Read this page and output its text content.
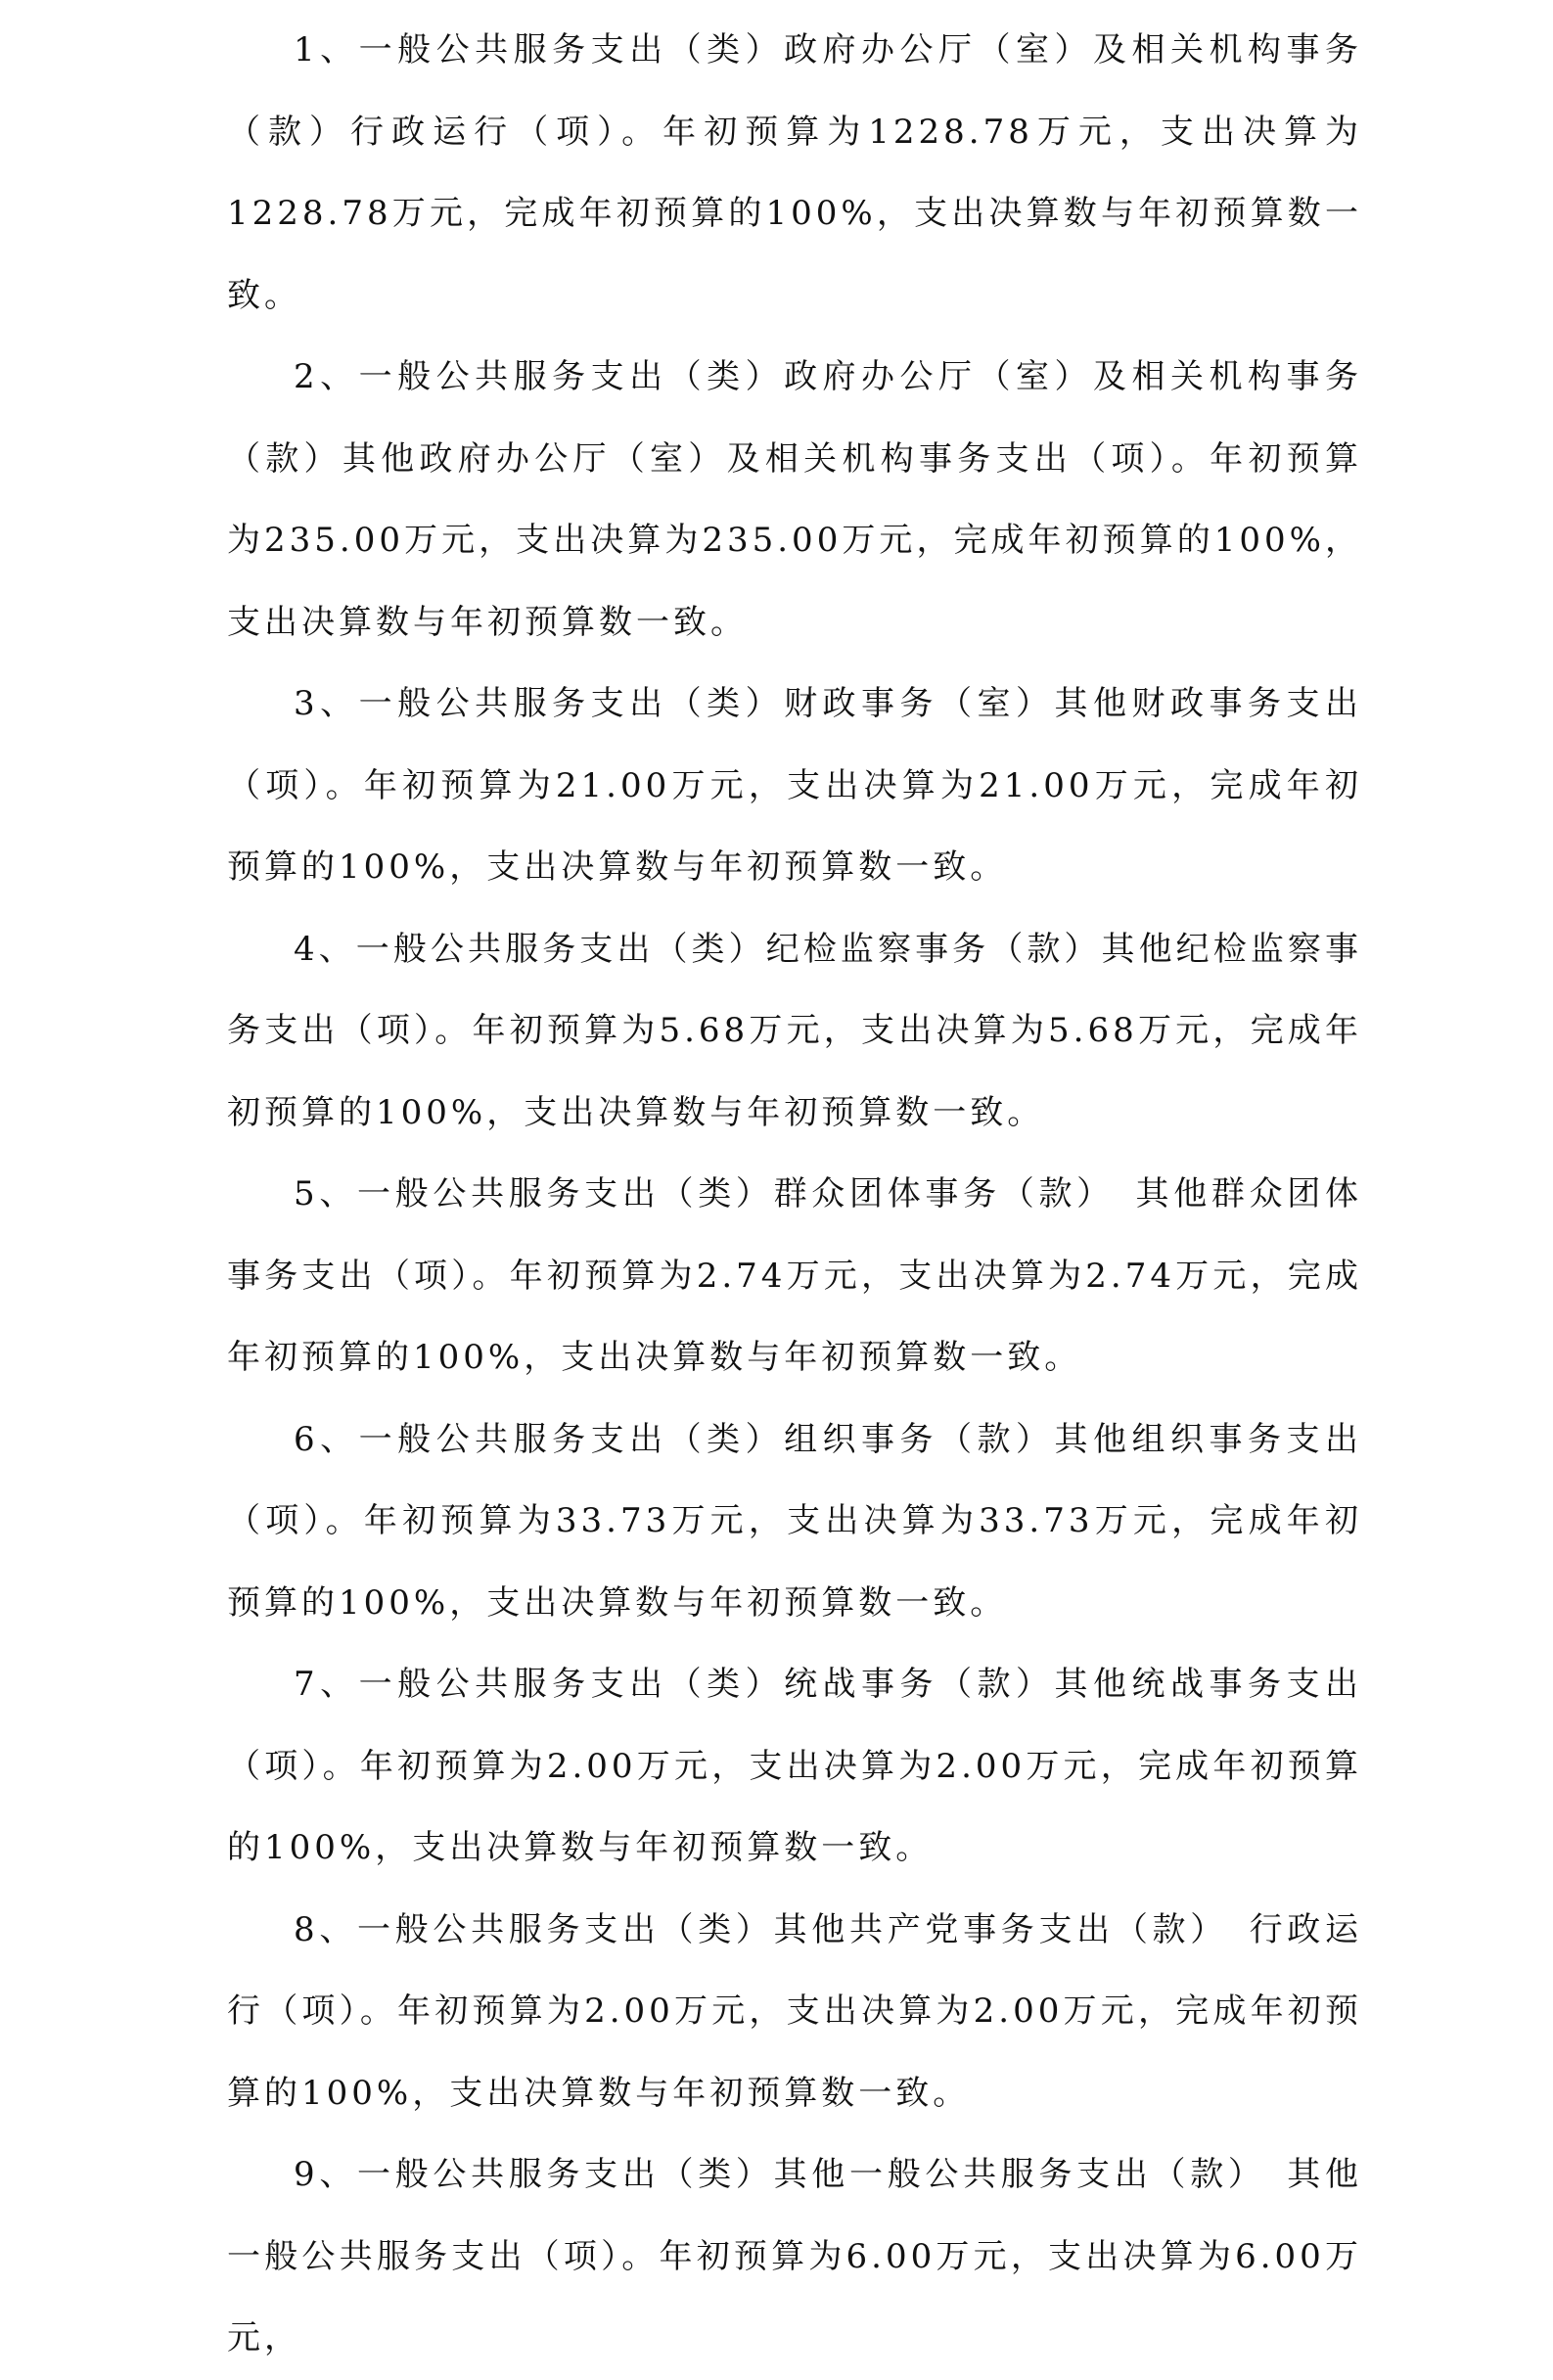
1、一般公共服务支出（类）政府办公厅（室）及相关机构事务（款）行政运行（项）。年初预算为1228.78万元，支出决算为1228.78万元，完成年初预算的100%，支出决算数与年初预算数一致。

2、一般公共服务支出（类）政府办公厅（室）及相关机构事务（款）其他政府办公厅（室）及相关机构事务支出（项）。年初预算为235.00万元，支出决算为235.00万元，完成年初预算的100%，支出决算数与年初预算数一致。

3、一般公共服务支出（类）财政事务（室）其他财政事务支出（项）。年初预算为21.00万元，支出决算为21.00万元，完成年初预算的100%，支出决算数与年初预算数一致。

4、一般公共服务支出（类）纪检监察事务（款）其他纪检监察事务支出（项）。年初预算为5.68万元，支出决算为5.68万元，完成年初预算的100%，支出决算数与年初预算数一致。

5、一般公共服务支出（类）群众团体事务（款）　其他群众团体事务支出（项）。年初预算为2.74万元，支出决算为2.74万元，完成年初预算的100%，支出决算数与年初预算数一致。

6、一般公共服务支出（类）组织事务（款）其他组织事务支出（项）。年初预算为33.73万元，支出决算为33.73万元，完成年初预算的100%，支出决算数与年初预算数一致。

7、一般公共服务支出（类）统战事务（款）其他统战事务支出（项）。年初预算为2.00万元，支出决算为2.00万元，完成年初预算的100%，支出决算数与年初预算数一致。

8、一般公共服务支出（类）其他共产党事务支出（款）　行政运行（项）。年初预算为2.00万元，支出决算为2.00万元，完成年初预算的100%，支出决算数与年初预算数一致。

9、一般公共服务支出（类）其他一般公共服务支出（款）　其他一般公共服务支出（项）。年初预算为6.00万元，支出决算为6.00万元，
